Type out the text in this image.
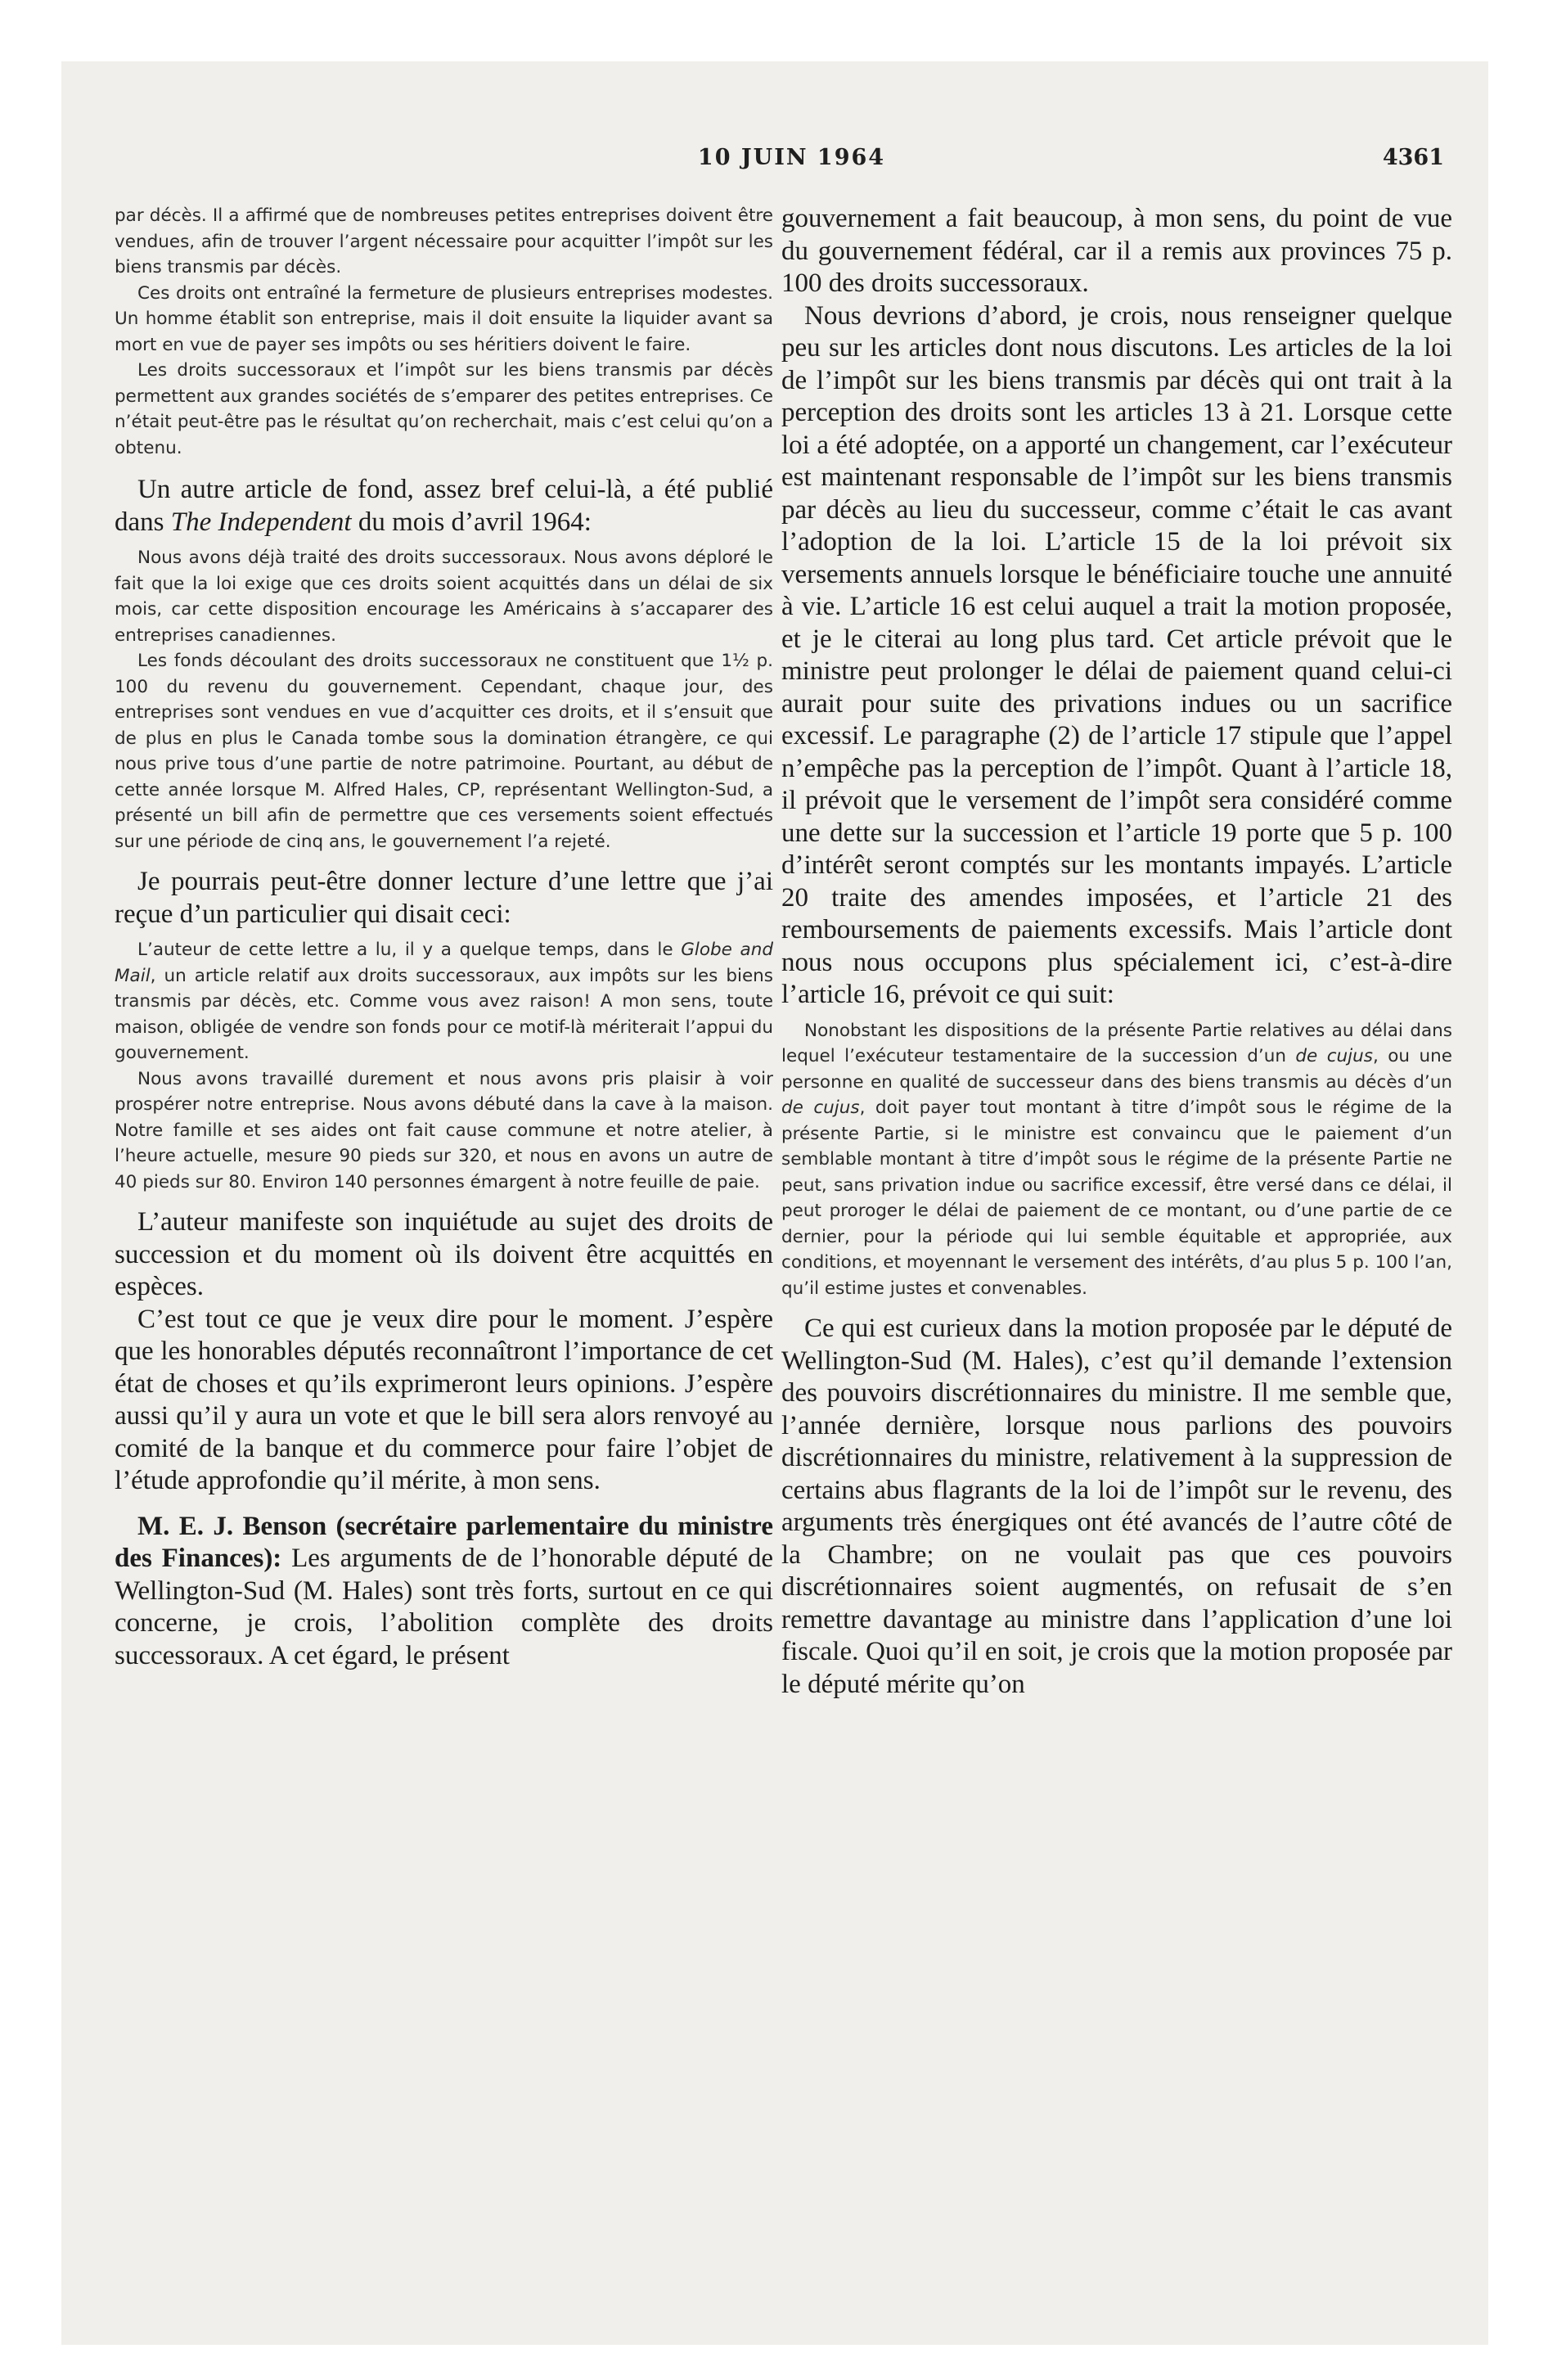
10 JUIN 1964	4361

par décès. Il a affirmé que de nombreuses petites entreprises doivent être vendues, afin de trouver l’argent nécessaire pour acquitter l’impôt sur les biens transmis par décès.

Ces droits ont entraîné la fermeture de plusieurs entreprises modestes. Un homme établit son entreprise, mais il doit ensuite la liquider avant sa mort en vue de payer ses impôts ou ses héritiers doivent le faire.

Les droits successoraux et l’impôt sur les biens transmis par décès permettent aux grandes sociétés de s’emparer des petites entreprises. Ce n’était peut-être pas le résultat qu’on recherchait, mais c’est celui qu’on a obtenu.

Un autre article de fond, assez bref celui-là, a été publié dans The Independent du mois d’avril 1964:

Nous avons déjà traité des droits successoraux. Nous avons déploré le fait que la loi exige que ces droits soient acquittés dans un délai de six mois, car cette disposition encourage les Américains à s’accaparer des entreprises canadiennes.

Les fonds découlant des droits successoraux ne constituent que 1½ p. 100 du revenu du gouvernement. Cependant, chaque jour, des entreprises sont vendues en vue d’acquitter ces droits, et il s’ensuit que de plus en plus le Canada tombe sous la domination étrangère, ce qui nous prive tous d’une partie de notre patrimoine. Pourtant, au début de cette année lorsque M. Alfred Hales, CP, représentant Wellington-Sud, a présenté un bill afin de permettre que ces versements soient effectués sur une période de cinq ans, le gouvernement l’a rejeté.

Je pourrais peut-être donner lecture d’une lettre que j’ai reçue d’un particulier qui disait ceci:

L’auteur de cette lettre a lu, il y a quelque temps, dans le Globe and Mail, un article relatif aux droits successoraux, aux impôts sur les biens transmis par décès, etc. Comme vous avez raison! A mon sens, toute maison, obligée de vendre son fonds pour ce motif-là mériterait l’appui du gouvernement.

Nous avons travaillé durement et nous avons pris plaisir à voir prospérer notre entreprise. Nous avons débuté dans la cave à la maison. Notre famille et ses aides ont fait cause commune et notre atelier, à l’heure actuelle, mesure 90 pieds sur 320, et nous en avons un autre de 40 pieds sur 80. Environ 140 personnes émargent à notre feuille de paie.

L’auteur manifeste son inquiétude au sujet des droits de succession et du moment où ils doivent être acquittés en espèces.

C’est tout ce que je veux dire pour le moment. J’espère que les honorables députés reconnaîtront l’importance de cet état de choses et qu’ils exprimeront leurs opinions. J’espère aussi qu’il y aura un vote et que le bill sera alors renvoyé au comité de la banque et du commerce pour faire l’objet de l’étude approfondie qu’il mérite, à mon sens.

M. E. J. Benson (secrétaire parlementaire du ministre des Finances): Les arguments de de l’honorable député de Wellington-Sud (M. Hales) sont très forts, surtout en ce qui concerne, je crois, l’abolition complète des droits successoraux. A cet égard, le présent

gouvernement a fait beaucoup, à mon sens, du point de vue du gouvernement fédéral, car il a remis aux provinces 75 p. 100 des droits successoraux.

Nous devrions d’abord, je crois, nous renseigner quelque peu sur les articles dont nous discutons. Les articles de la loi de l’impôt sur les biens transmis par décès qui ont trait à la perception des droits sont les articles 13 à 21. Lorsque cette loi a été adoptée, on a apporté un changement, car l’exécuteur est maintenant responsable de l’impôt sur les biens transmis par décès au lieu du successeur, comme c’était le cas avant l’adoption de la loi. L’article 15 de la loi prévoit six versements annuels lorsque le bénéficiaire touche une annuité à vie. L’article 16 est celui auquel a trait la motion proposée, et je le citerai au long plus tard. Cet article prévoit que le ministre peut prolonger le délai de paiement quand celui-ci aurait pour suite des privations indues ou un sacrifice excessif. Le paragraphe (2) de l’article 17 stipule que l’appel n’empêche pas la perception de l’impôt. Quant à l’article 18, il prévoit que le versement de l’impôt sera considéré comme une dette sur la succession et l’article 19 porte que 5 p. 100 d’intérêt seront comptés sur les montants impayés. L’article 20 traite des amendes imposées, et l’article 21 des remboursements de paiements excessifs. Mais l’article dont nous nous occupons plus spécialement ici, c’est-à-dire l’article 16, prévoit ce qui suit:

Nonobstant les dispositions de la présente Partie relatives au délai dans lequel l’exécuteur testamentaire de la succession d’un de cujus, ou une personne en qualité de successeur dans des biens transmis au décès d’un de cujus, doit payer tout montant à titre d’impôt sous le régime de la présente Partie, si le ministre est convaincu que le paiement d’un semblable montant à titre d’impôt sous le régime de la présente Partie ne peut, sans privation indue ou sacrifice excessif, être versé dans ce délai, il peut proroger le délai de paiement de ce montant, ou d’une partie de ce dernier, pour la période qui lui semble équitable et appropriée, aux conditions, et moyennant le versement des intérêts, d’au plus 5 p. 100 l’an, qu’il estime justes et convenables.

Ce qui est curieux dans la motion proposée par le député de Wellington-Sud (M. Hales), c’est qu’il demande l’extension des pouvoirs discrétionnaires du ministre. Il me semble que, l’année dernière, lorsque nous parlions des pouvoirs discrétionnaires du ministre, relativement à la suppression de certains abus flagrants de la loi de l’impôt sur le revenu, des arguments très énergiques ont été avancés de l’autre côté de la Chambre; on ne voulait pas que ces pouvoirs discrétionnaires soient augmentés, on refusait de s’en remettre davantage au ministre dans l’application d’une loi fiscale. Quoi qu’il en soit, je crois que la motion proposée par le député mérite qu’on
